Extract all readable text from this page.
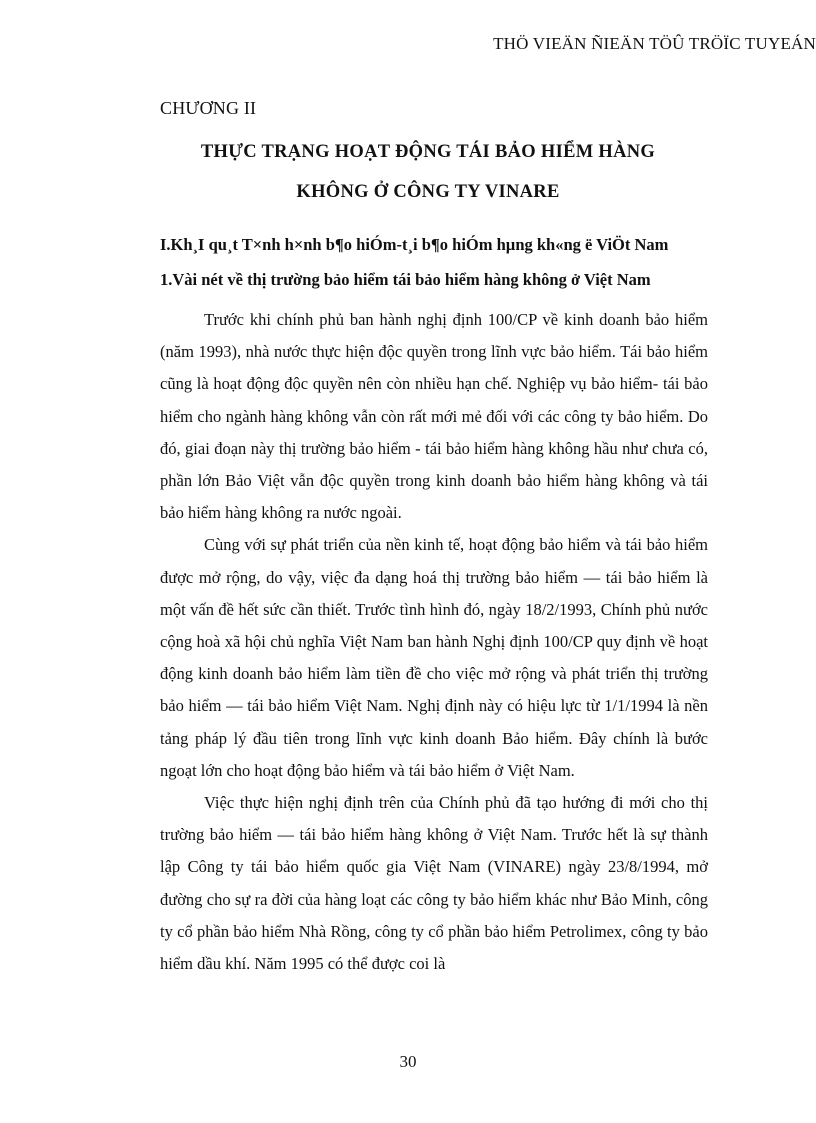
THÖ VIEÄN ÑIEÄN TÖÛ TRÖÏC TUYEÁN
CHƯƠNG II
THỰC TRẠNG HOẠT ĐỘNG TÁI BẢO HIỂM HÀNG
KHÔNG Ở CÔNG TY VINARE
I.Kh¸I qu¸t T×nh h×nh b¶o hiÓm-t¸i b¶o hiÓm hµng kh«ng ë ViÖt Nam
1.Vài nét về thị trường bảo hiểm tái bảo hiểm hàng không ở Việt Nam

Trước khi chính phủ ban hành nghị định 100/CP về kinh doanh bảo hiểm (năm 1993), nhà nước thực hiện độc quyền trong lĩnh vực bảo hiểm. Tái bảo hiểm cũng là hoạt động độc quyền nên còn nhiều hạn chế. Nghiệp vụ bảo hiểm- tái bảo hiểm cho ngành hàng không vẫn còn rất mới mẻ đối với các công ty bảo hiểm. Do đó, giai đoạn này thị trường bảo hiểm - tái bảo hiểm hàng không hầu như chưa có, phần lớn Bảo Việt vẫn độc quyền trong kinh doanh bảo hiểm hàng không và tái bảo hiểm hàng không ra nước ngoài.

Cùng với sự phát triển của nền kinh tế, hoạt động bảo hiểm và tái bảo hiểm được mở rộng, do vậy, việc đa dạng hoá thị trường bảo hiểm — tái bảo hiểm là một vấn đề hết sức cần thiết. Trước tình hình đó, ngày 18/2/1993, Chính phủ nước cộng hoà xã hội chủ nghĩa Việt Nam ban hành Nghị định 100/CP quy định về hoạt động kinh doanh bảo hiểm làm tiền đề cho việc mở rộng và phát triển thị trường bảo hiểm — tái bảo hiểm Việt Nam. Nghị định này có hiệu lực từ 1/1/1994 là nền tảng pháp lý đầu tiên trong lĩnh vực kinh doanh Bảo hiểm. Đây chính là bước ngoạt lớn cho hoạt động bảo hiểm và tái bảo hiểm ở Việt Nam.

Việc thực hiện nghị định trên của Chính phủ đã tạo hướng đi mới cho thị trường bảo hiểm — tái bảo hiểm hàng không ở Việt Nam. Trước hết là sự thành lập Công ty tái bảo hiểm quốc gia Việt Nam (VINARE) ngày 23/8/1994, mở đường cho sự ra đời của hàng loạt các công ty bảo hiểm khác như Bảo Minh, công ty cổ phần bảo hiểm Nhà Rồng, công ty cổ phần bảo hiểm Petrolimex, công ty bảo hiểm dầu khí. Năm 1995 có thể được coi là

30
